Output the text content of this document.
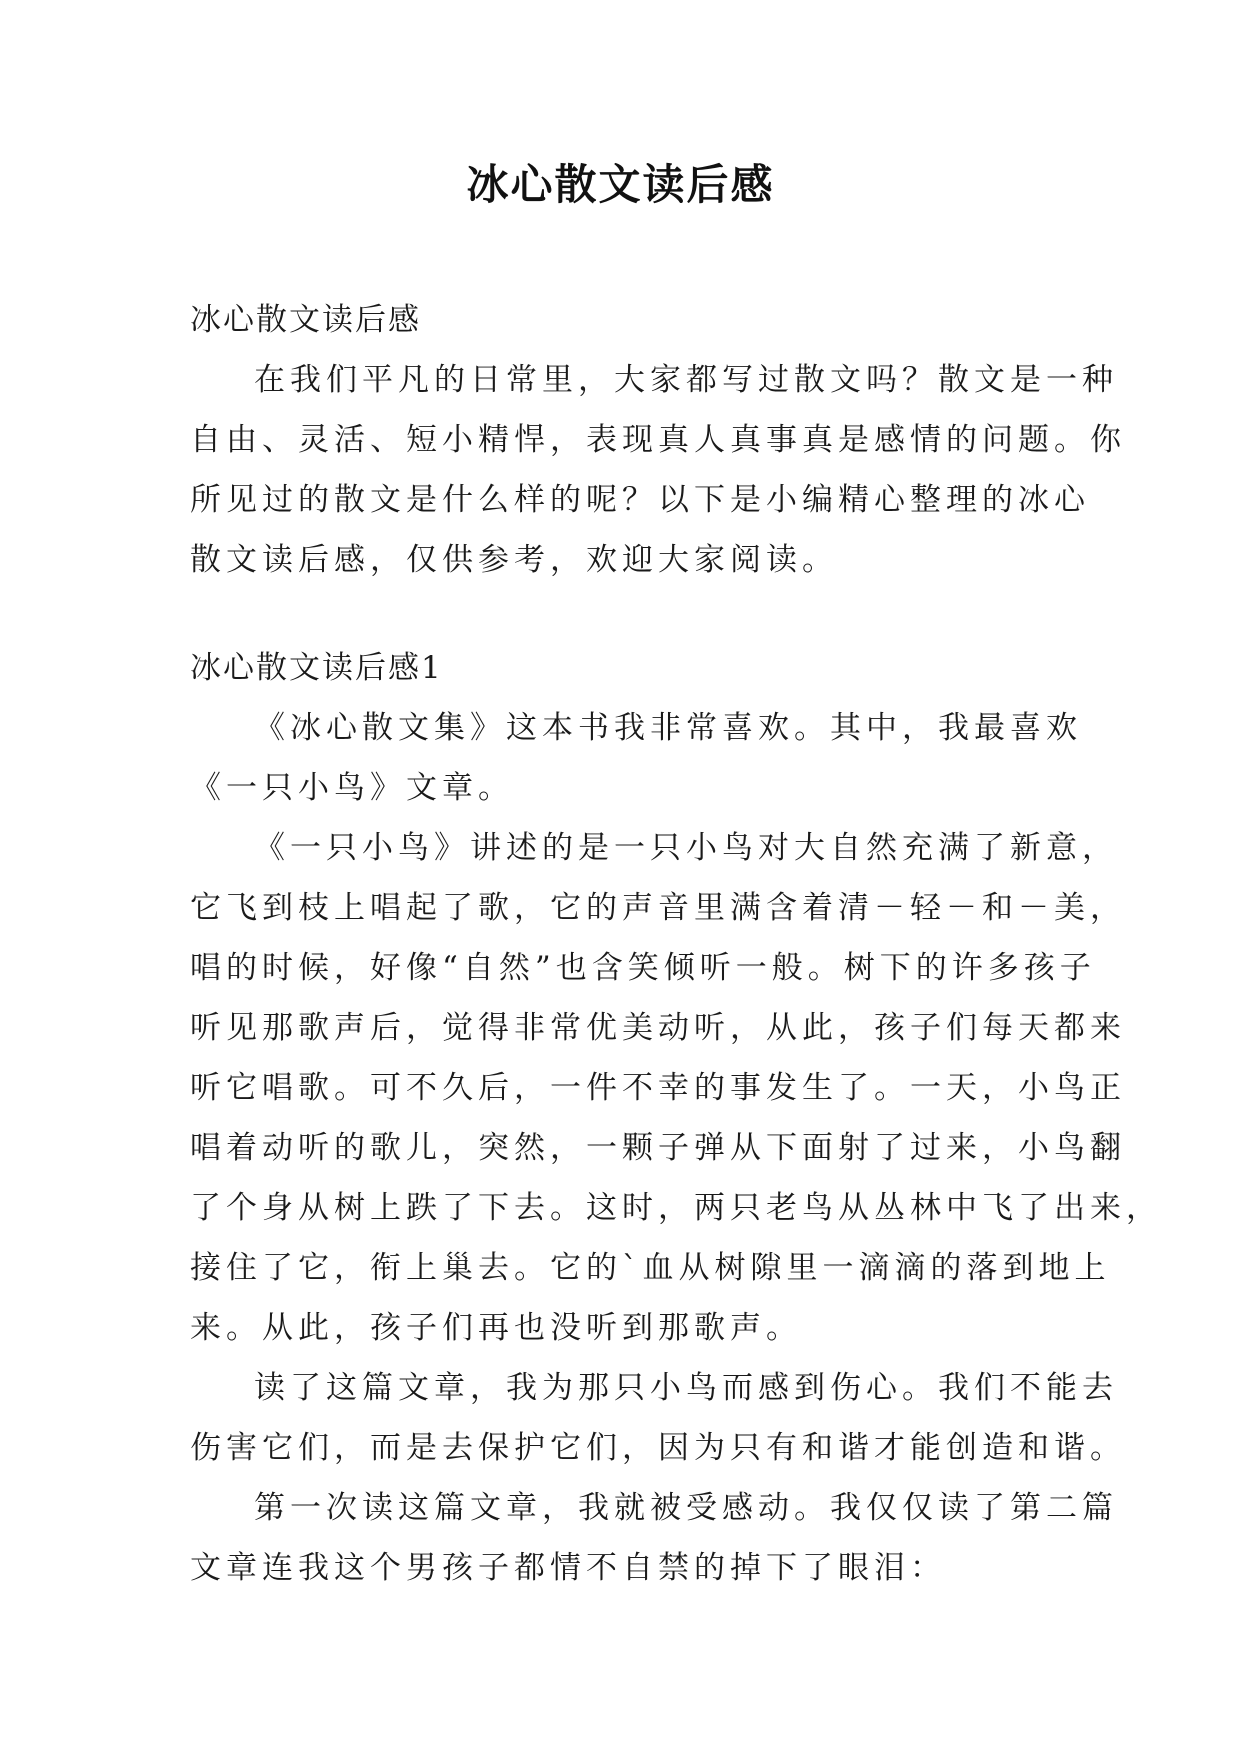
冰心散文读后感

冰心散文读后感

在我们平凡的日常里，大家都写过散文吗？散文是一种

自由、灵活、短小精悍，表现真人真事真是感情的问题。你

所见过的散文是什么样的呢？以下是小编精心整理的冰心

散文读后感，仅供参考，欢迎大家阅读。

冰心散文读后感1

《冰心散文集》这本书我非常喜欢。其中，我最喜欢

《一只小鸟》文章。

《一只小鸟》讲述的是一只小鸟对大自然充满了新意，

它飞到枝上唱起了歌，它的声音里满含着清－轻－和－美，

唱的时候，好像“自然”也含笑倾听一般。树下的许多孩子

听见那歌声后，觉得非常优美动听，从此，孩子们每天都来

听它唱歌。可不久后，一件不幸的事发生了。一天，小鸟正

唱着动听的歌儿，突然，一颗子弹从下面射了过来，小鸟翻

了个身从树上跌了下去。这时，两只老鸟从丛林中飞了出来，

接住了它，衔上巢去。它的`血从树隙里一滴滴的落到地上

来。从此，孩子们再也没听到那歌声。

读了这篇文章，我为那只小鸟而感到伤心。我们不能去

伤害它们，而是去保护它们，因为只有和谐才能创造和谐。

第一次读这篇文章，我就被受感动。我仅仅读了第二篇

文章连我这个男孩子都情不自禁的掉下了眼泪：
